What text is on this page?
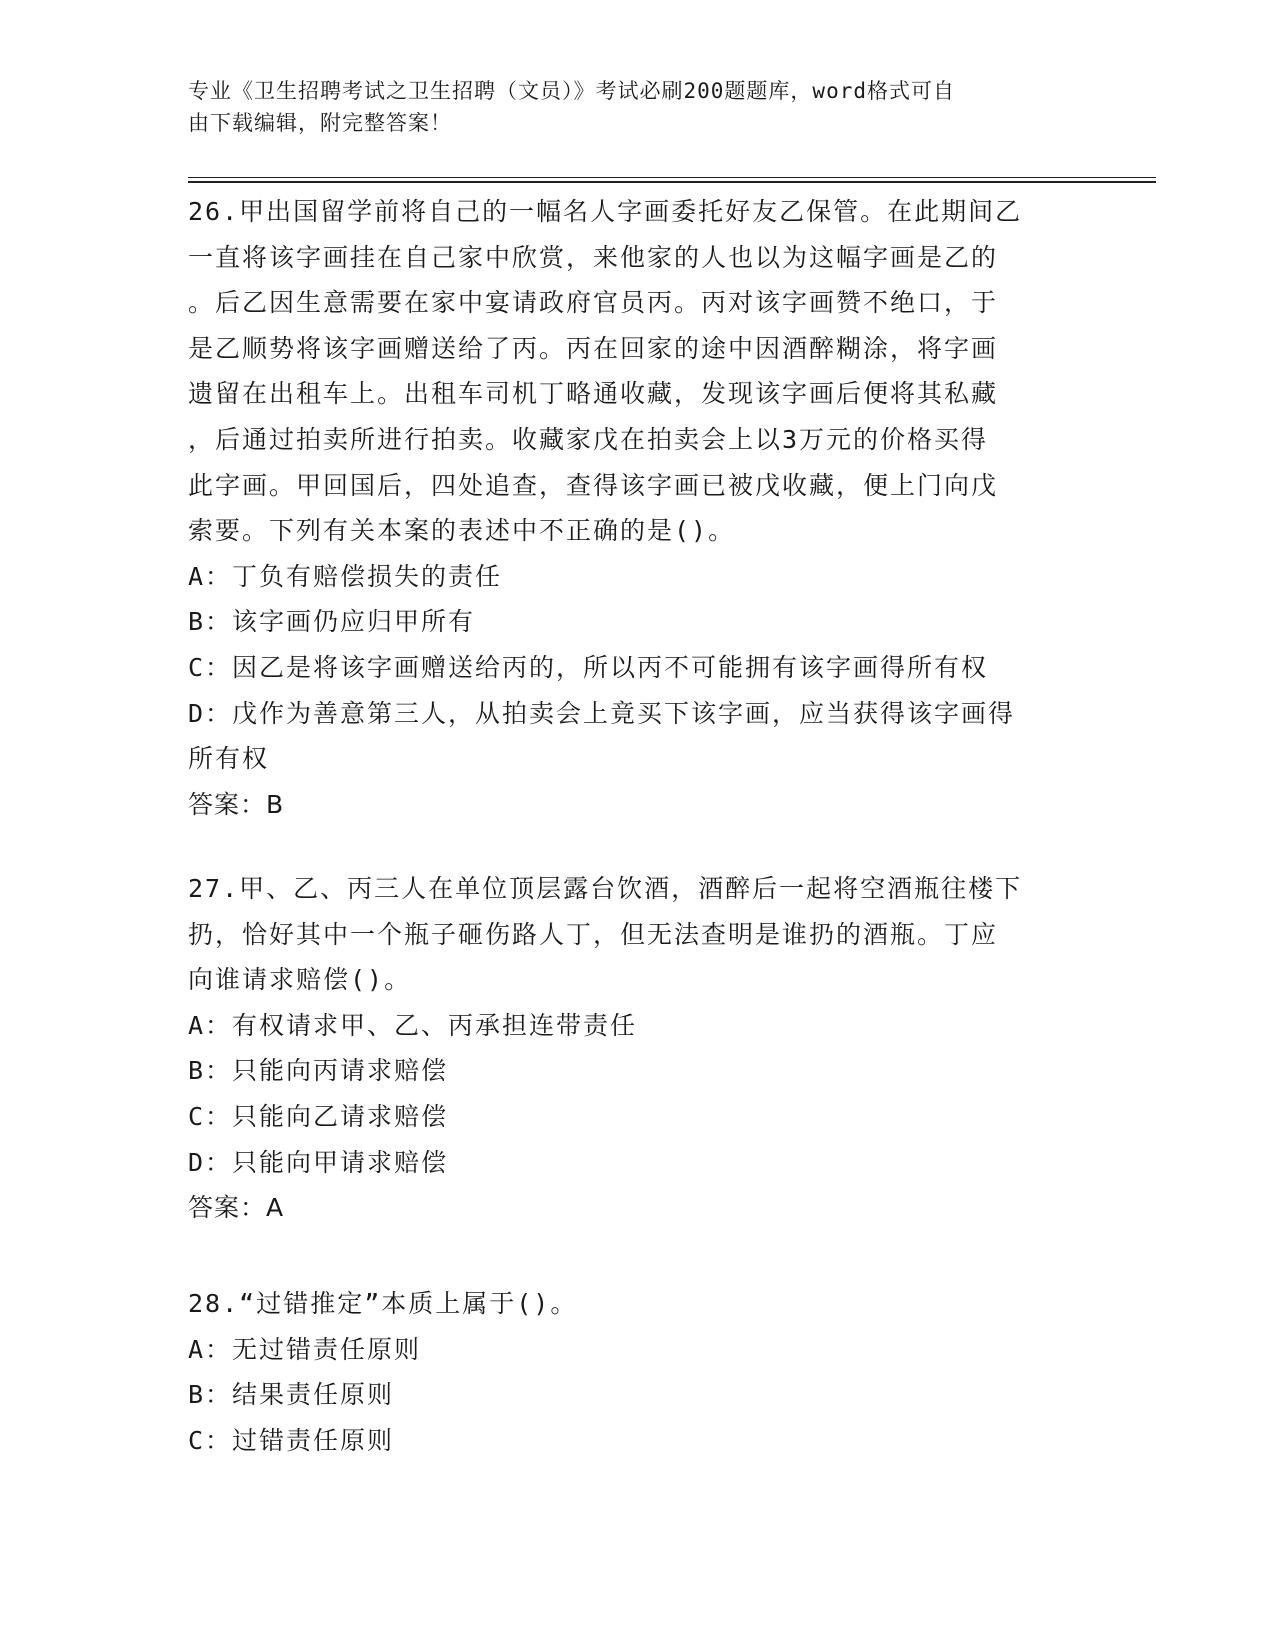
专业《卫生招聘考试之卫生招聘（文员）》考试必刷200题题库，word格式可自
由下载编辑，附完整答案！
26.甲出国留学前将自己的一幅名人字画委托好友乙保管。在此期间乙
一直将该字画挂在自己家中欣赏，来他家的人也以为这幅字画是乙的
。后乙因生意需要在家中宴请政府官员丙。丙对该字画赞不绝口，于
是乙顺势将该字画赠送给了丙。丙在回家的途中因酒醉糊涂，将字画
遗留在出租车上。出租车司机丁略通收藏，发现该字画后便将其私藏
，后通过拍卖所进行拍卖。收藏家戊在拍卖会上以3万元的价格买得
此字画。甲回国后，四处追查，查得该字画已被戊收藏，便上门向戊
索要。下列有关本案的表述中不正确的是()。
A：丁负有赔偿损失的责任
B：该字画仍应归甲所有
C：因乙是将该字画赠送给丙的，所以丙不可能拥有该字画得所有权
D：戊作为善意第三人，从拍卖会上竟买下该字画，应当获得该字画得
所有权
答案：B
27.甲、乙、丙三人在单位顶层露台饮酒，酒醉后一起将空酒瓶往楼下
扔，恰好其中一个瓶子砸伤路人丁，但无法查明是谁扔的酒瓶。丁应
向谁请求赔偿()。
A：有权请求甲、乙、丙承担连带责任
B：只能向丙请求赔偿
C：只能向乙请求赔偿
D：只能向甲请求赔偿
答案：A
28.“过错推定”本质上属于()。
A：无过错责任原则
B：结果责任原则
C：过错责任原则
